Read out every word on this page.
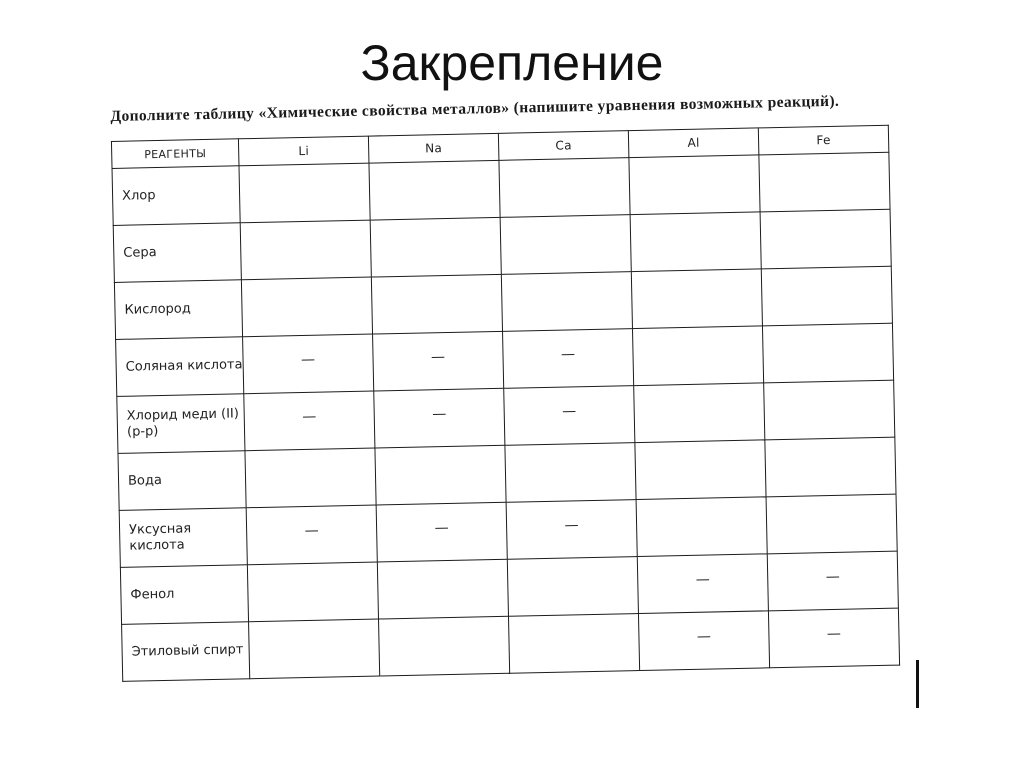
Закрепление
Дополните таблицу «Химические свойства металлов» (напишите уравнения возможных реакций).
РЕАГЕНТЫ	Li	Na	Ca	Al	Fe
Хлор					
Сера					
Кислород					
Соляная кислота	—	—	—		
Хлорид меди (II) (р-р)	—	—	—		
Вода					
Уксусная кислота	—	—	—		
Фенол				—	—
Этиловый спирт				—	—
